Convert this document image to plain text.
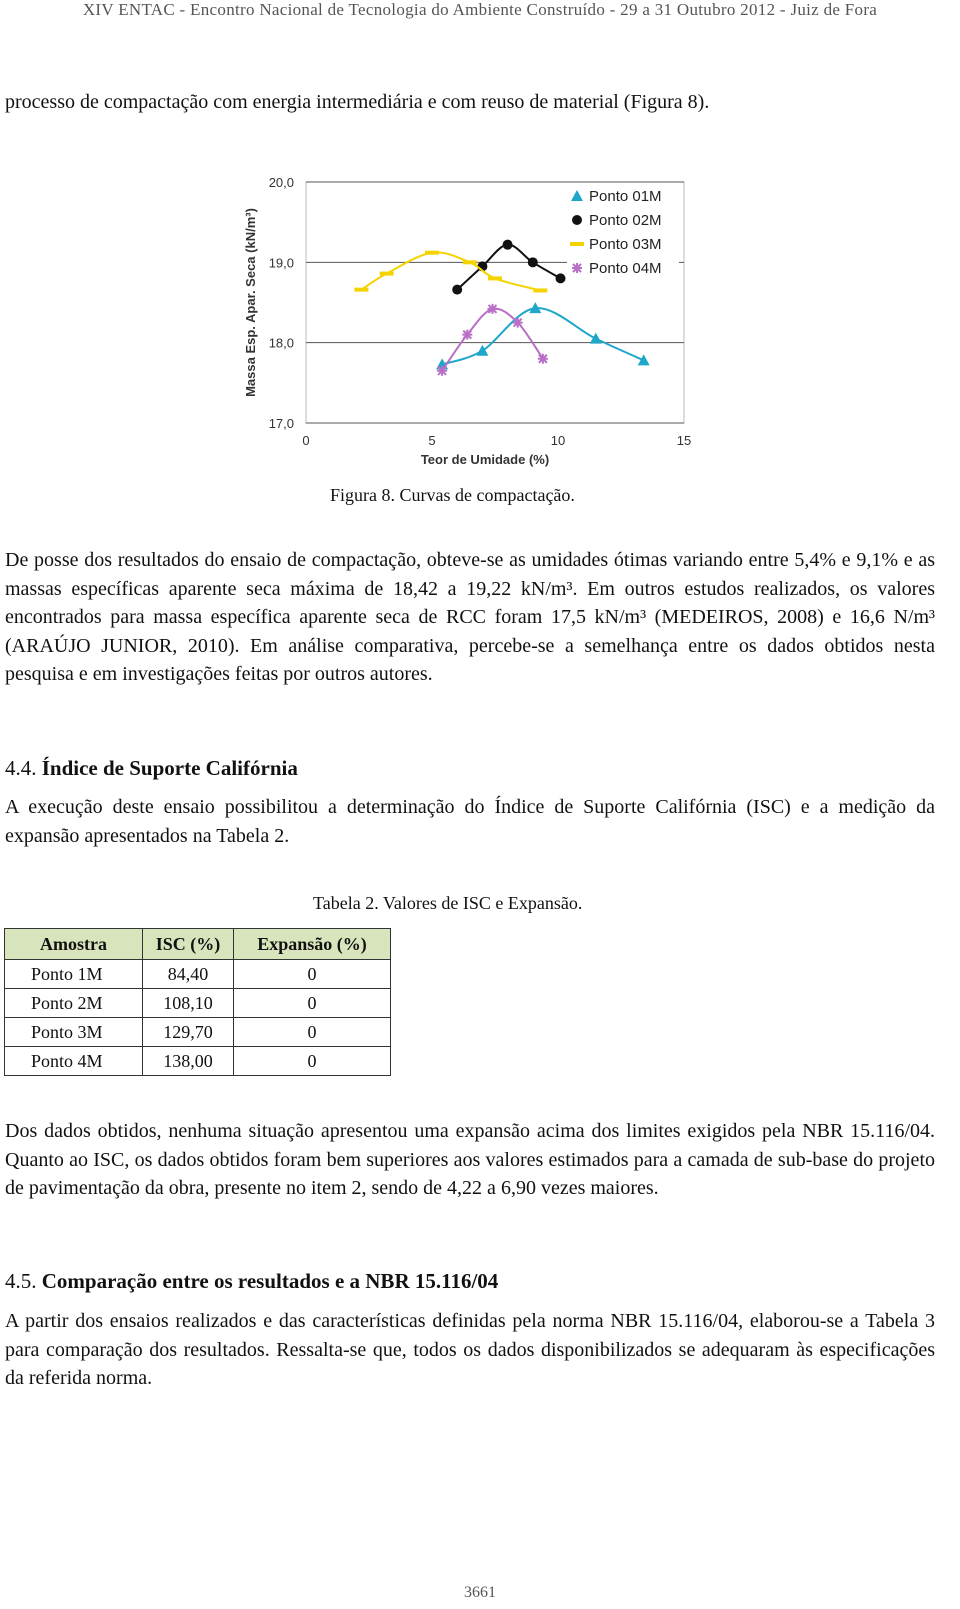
XIV ENTAC - Encontro Nacional de Tecnologia do Ambiente Construído - 29 a 31 Outubro 2012 - Juiz de Fora
processo de compactação com energia intermediária e com reuso de material (Figura 8).
17,0
18,0
19,0
20,0
0	5	10	15
Teor de Umidade (%)
Massa Esp. Apar. Seca (kN/m³)
Ponto 01M
Ponto 02M
Ponto 03M
Ponto 04M
Figura 8. Curvas de compactação.
De posse dos resultados do ensaio de compactação, obteve-se as umidades ótimas variando entre 5,4% e 9,1% e as massas específicas aparente seca máxima de 18,42 a 19,22 kN/m³. Em outros estudos realizados, os valores encontrados para massa específica aparente seca de RCC foram 17,5 kN/m³ (MEDEIROS, 2008) e 16,6 N/m³ (ARAÚJO JUNIOR, 2010). Em análise comparativa, percebe-se a semelhança entre os dados obtidos nesta pesquisa e em investigações feitas por outros autores.
4.4. Índice de Suporte Califórnia
A execução deste ensaio possibilitou a determinação do Índice de Suporte Califórnia (ISC) e a medição da expansão apresentados na Tabela 2.
Tabela 2. Valores de ISC e Expansão.
Amostra	ISC (%)	Expansão (%)
Ponto 1M	84,40	0
Ponto 2M	108,10	0
Ponto 3M	129,70	0
Ponto 4M	138,00	0
Dos dados obtidos, nenhuma situação apresentou uma expansão acima dos limites exigidos pela NBR 15.116/04. Quanto ao ISC, os dados obtidos foram bem superiores aos valores estimados para a camada de sub-base do projeto de pavimentação da obra, presente no item 2, sendo de 4,22 a 6,90 vezes maiores.
4.5. Comparação entre os resultados e a NBR 15.116/04
A partir dos ensaios realizados e das características definidas pela norma NBR 15.116/04, elaborou-se a Tabela 3 para comparação dos resultados. Ressalta-se que, todos os dados disponibilizados se adequaram às especificações da referida norma.
3661
